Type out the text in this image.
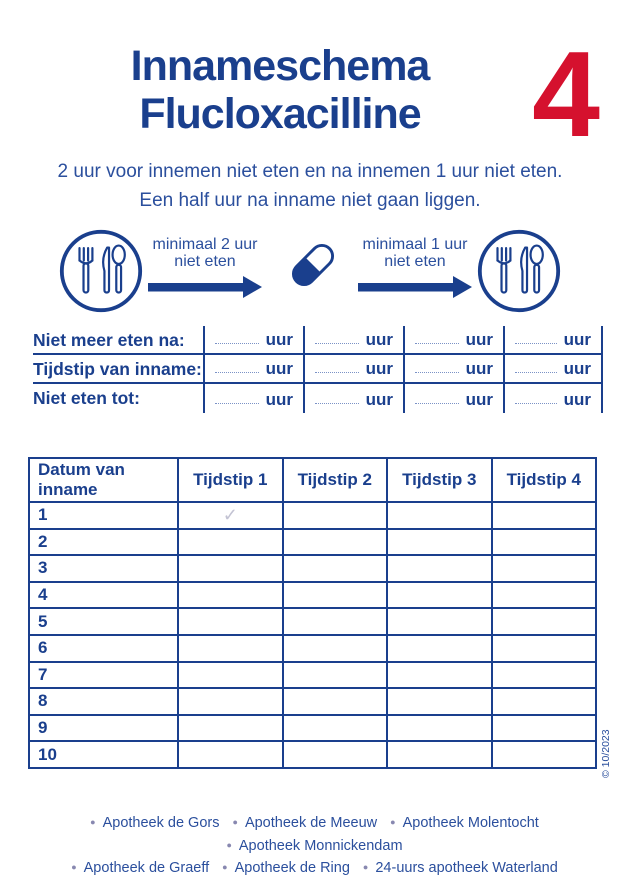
Innameschema
Flucloxacilline 4
2 uur voor innemen niet eten en na innemen 1 uur niet eten.
Een half uur na inname niet gaan liggen.
minimaal 2 uur
niet eten
minimaal 1 uur
niet eten
Niet meer eten na:	uur	uur	uur	uur
Tijdstip van inname:	uur	uur	uur	uur
Niet eten tot:	uur	uur	uur	uur
Datum van inname	Tijdstip 1	Tijdstip 2	Tijdstip 3	Tijdstip 4
1	✓			
2				
3				
4				
5				
6				
7				
8				
9				
10					© 10/2023
● Apotheek de Gors ● Apotheek de Meeuw ● Apotheek Molentocht ● Apotheek Monnickendam
● Apotheek de Graeff ● Apotheek de Ring ● 24-uurs apotheek Waterland
